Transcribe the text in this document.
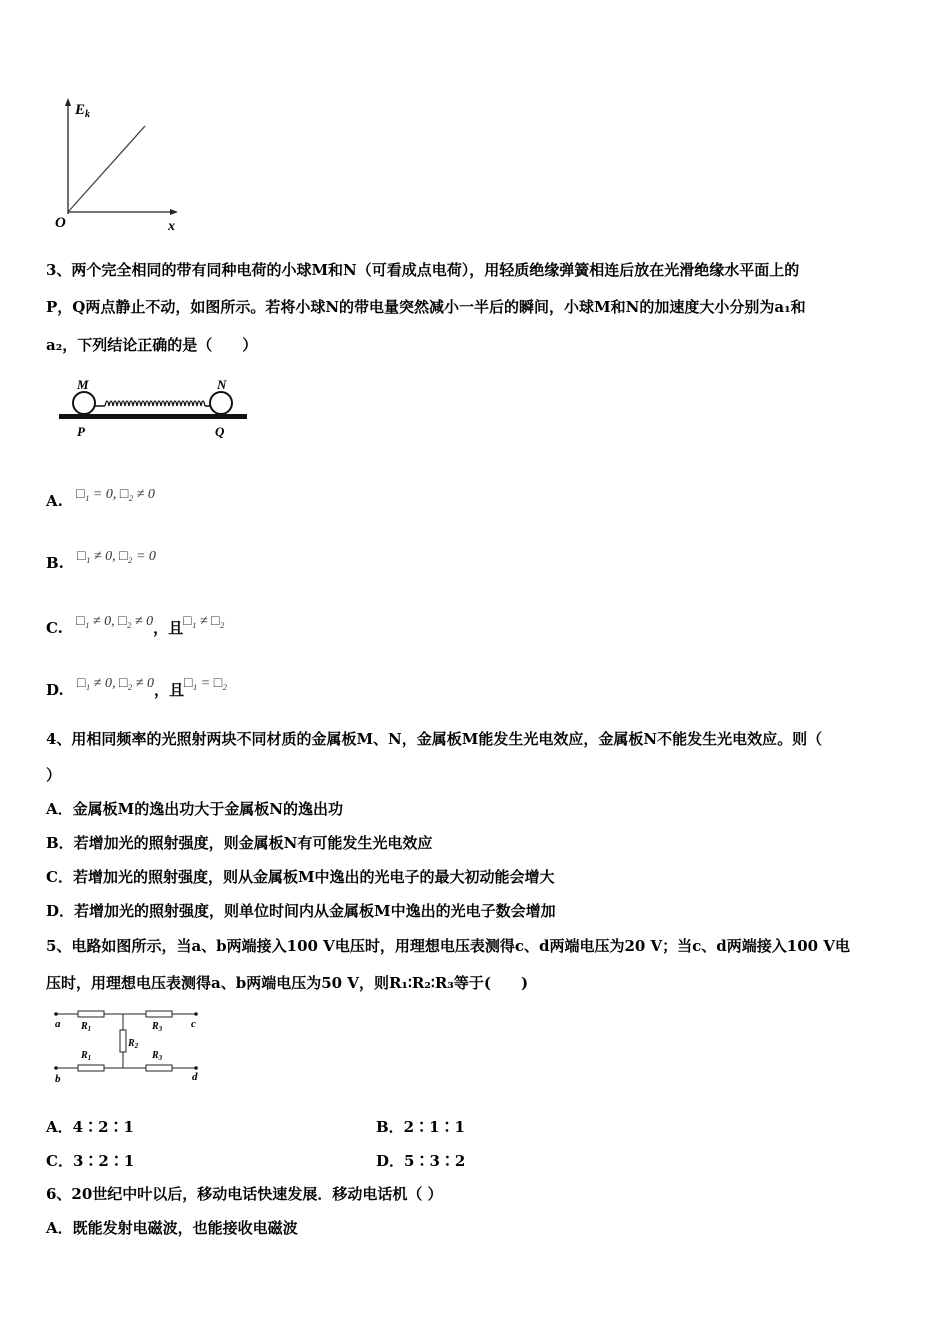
$E_k$
O	x
3、两个完全相同的带有同种电荷的小球M和N（可看成点电荷），用轻质绝缘弹簧相连后放在光滑绝缘水平面上的
P，Q两点静止不动，如图所示。若将小球N的带电量突然减小一半后的瞬间，小球M和N的加速度大小分别为a₁和
a₂，下列结论正确的是（　　）
M	N
P	Q
A. □₁ = 0, □₂ ≠ 0
B. □₁ ≠ 0, □₂ = 0
C. □₁ ≠ 0, □₂ ≠ 0，且□₁ ≠ □₂
D. □₁ ≠ 0, □₂ ≠ 0，且□₁ = □₂
4、用相同频率的光照射两块不同材质的金属板M、N，金属板M能发生光电效应，金属板N不能发生光电效应。则（
）
A．金属板M的逸出功大于金属板N的逸出功
B．若增加光的照射强度，则金属板N有可能发生光电效应
C．若增加光的照射强度，则从金属板M中逸出的光电子的最大初动能会增大
D．若增加光的照射强度，则单位时间内从金属板M中逸出的光电子数会增加
5、电路如图所示，当a、b两端接入100 V电压时，用理想电压表测得c、d两端电压为20 V；当c、d两端接入100 V电
压时，用理想电压表测得a、b两端电压为50 V，则R₁∶R₂∶R₃等于(　　)
a
b
c
d
$R_1$	$R_3$
$R_1$	$R_3$
$R_2$
A．4∶2∶1	B．2∶1∶1
C．3∶2∶1	D．5∶3∶2
6、20世纪中叶以后，移动电话快速发展．移动电话机（ ）
A．既能发射电磁波，也能接收电磁波
